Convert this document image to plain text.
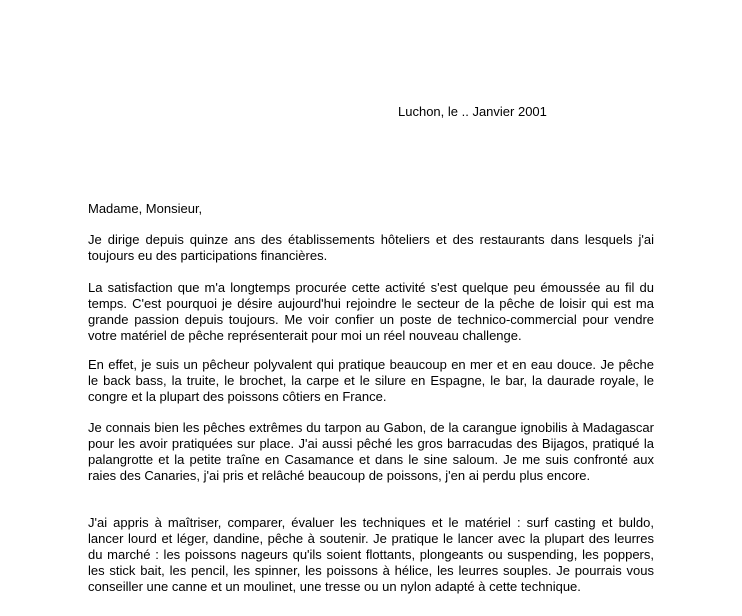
Luchon, le .. Janvier 2001
Madame, Monsieur,

Je dirige depuis quinze ans des établissements hôteliers et des restaurants dans lesquels j'ai toujours eu des participations financières.

La satisfaction que m'a longtemps procurée cette activité s'est quelque peu émoussée au fil du temps. C'est pourquoi je désire aujourd'hui rejoindre le secteur de la pêche de loisir qui est ma grande passion depuis toujours. Me voir confier un poste de technico-commercial pour vendre votre matériel de pêche représenterait pour moi un réel nouveau challenge.

En effet, je suis un pêcheur polyvalent qui pratique beaucoup en mer et en eau douce. Je pêche le back bass, la truite, le brochet, la carpe et le silure en Espagne, le bar, la daurade royale, le congre et la plupart des poissons côtiers en France.

Je connais bien les pêches extrêmes du tarpon au Gabon, de la carangue ignobilis à Madagascar pour les avoir pratiquées sur place. J'ai aussi pêché les gros barracudas des Bijagos, pratiqué la palangrotte et la petite traîne en Casamance et dans le sine saloum. Je me suis confronté aux raies des Canaries, j'ai pris et relâché beaucoup de poissons, j'en ai perdu plus encore.

J'ai appris à maîtriser, comparer, évaluer les techniques et le matériel : surf casting et buldo, lancer lourd et léger, dandine, pêche à soutenir. Je pratique le lancer avec la plupart des leurres du marché : les poissons nageurs qu'ils soient flottants, plongeants ou suspending, les poppers, les stick bait, les pencil, les spinner, les poissons à hélice, les leurres souples. Je pourrais vous conseiller une canne et un moulinet, une tresse ou un nylon adapté à cette technique.
